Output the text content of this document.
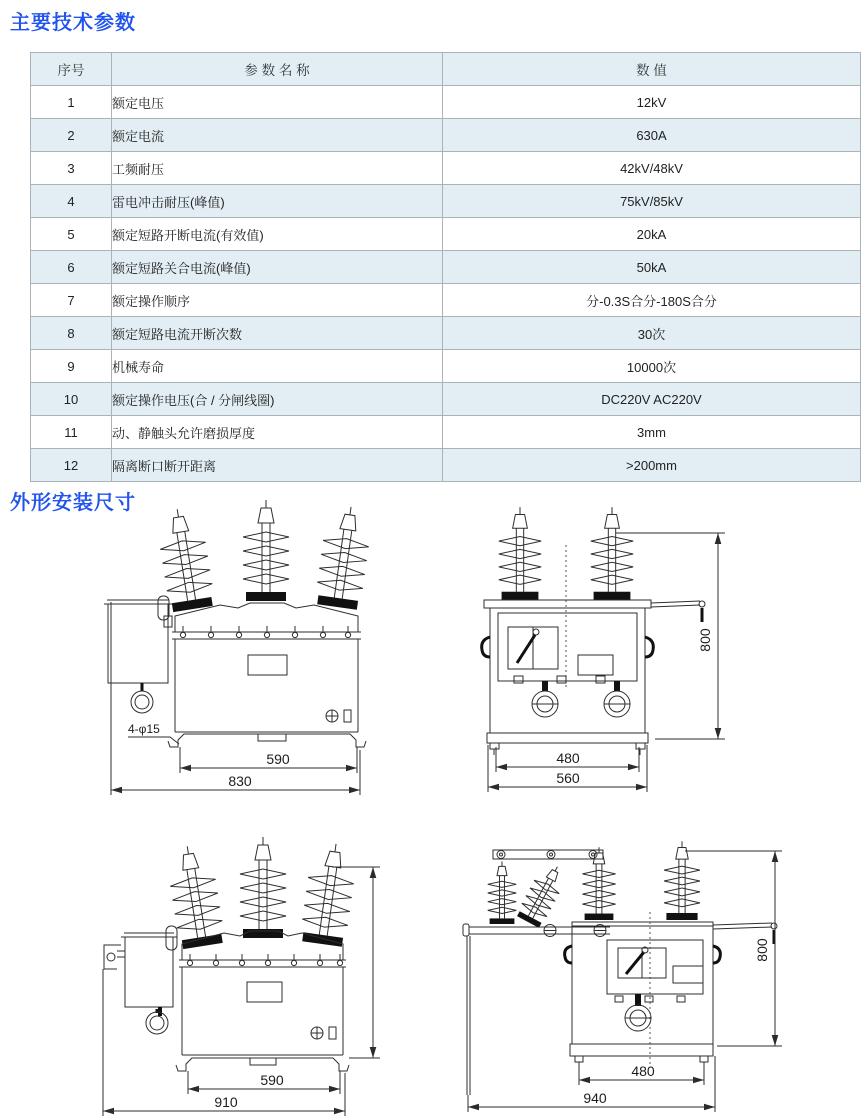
主要技术参数
序号	参 数 名 称	数 值
1	额定电压	12kV
2	额定电流	630A
3	工频耐压	42kV/48kV
4	雷电冲击耐压(峰值)	75kV/85kV
5	额定短路开断电流(有效值)	20kA
6	额定短路关合电流(峰值)	50kA
7	额定操作顺序	分-0.3S合分-180S合分
8	额定短路电流开断次数	30次
9	机械寿命	10000次
10	额定操作电压(合 / 分闸线圈)	DC220V AC220V
11	动、静触头允许磨损厚度	3mm
12	隔离断口断开距离	>200mm
外形安装尺寸
590
830
4-φ15
800
480
560
590
910
800
480
940
